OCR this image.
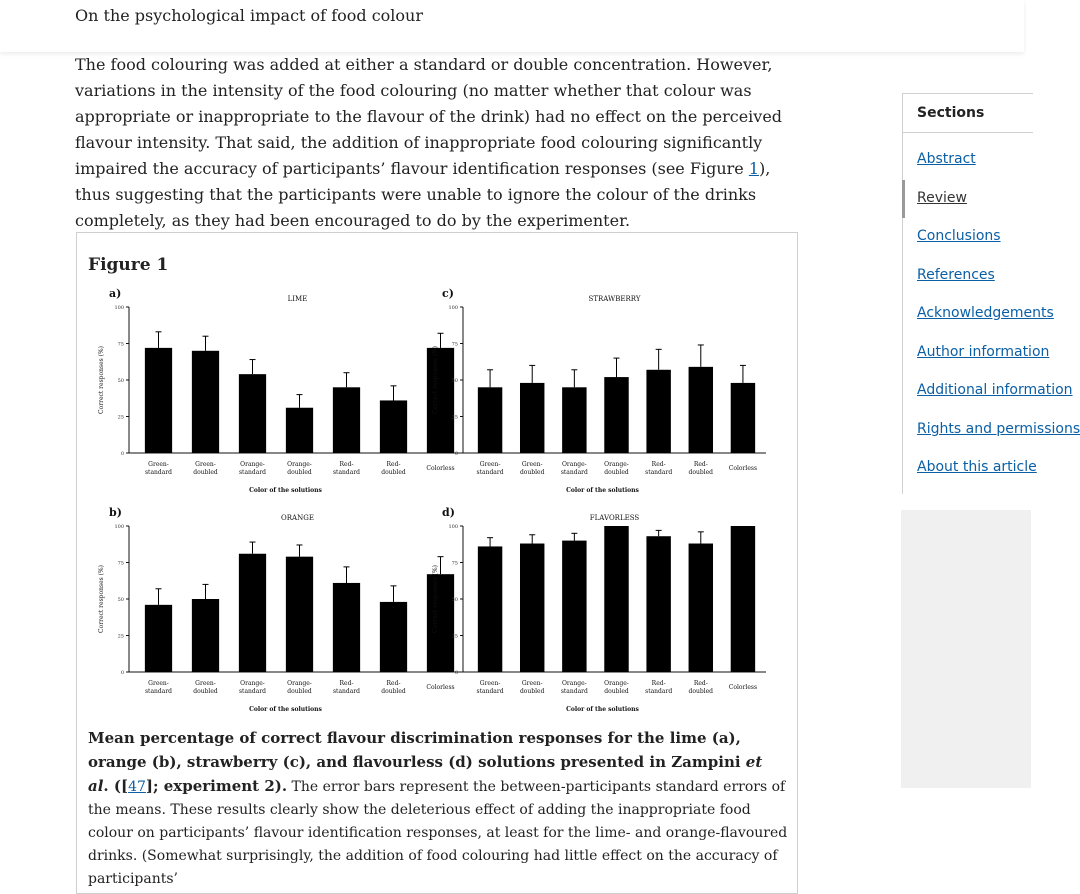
On the psychological impact of food colour

The food colouring was added at either a standard or double concentration. However, variations in the intensity of the food colouring (no matter whether that colour was appropriate or inappropriate to the flavour of the drink) had no effect on the perceived flavour intensity. That said, the addition of inappropriate food colouring significantly impaired the accuracy of participants’ flavour identification responses (see Figure 1), thus suggesting that the participants were unable to ignore the colour of the drinks completely, as they had been encouraged to do by the experimenter.

Figure 1
a)	LIME
0
25
50
75
100
Correct responses (%)
Green-
standard
Green-
doubled
Orange-
standard
Orange-
doubled
Red-
standard
Red-
doubled
Colorless
Color of the solutions
c)	STRAWBERRY
0
25
50
75
100
Correct responses (%)
Green-
standard
Green-
doubled
Orange-
standard
Orange-
doubled
Red-
standard
Red-
doubled
Colorless
Color of the solutions
b)	ORANGE
0
25
50
75
100
Correct responses (%)
Green-
standard
Green-
doubled
Orange-
standard
Orange-
doubled
Red-
standard
Red-
doubled
Colorless
Color of the solutions
d)	FLAVORLESS
0
25
50
75
100
Correct responses (%)
Green-
standard
Green-
doubled
Orange-
standard
Orange-
doubled
Red-
standard
Red-
doubled
Colorless
Color of the solutions
Mean percentage of correct flavour discrimination responses for the lime (a), orange (b), strawberry (c), and flavourless (d) solutions presented in Zampini et al. ([47]; experiment 2). The error bars represent the between-participants standard errors of the means. These results clearly show the deleterious effect of adding the inappropriate food colour on participants’ flavour identification responses, at least for the lime- and orange-flavoured drinks. (Somewhat surprisingly, the addition of food colouring had little effect on the accuracy of participants’
Sections
Abstract
Review
Conclusions
References
Acknowledgements
Author information
Additional information
Rights and permissions
About this article
